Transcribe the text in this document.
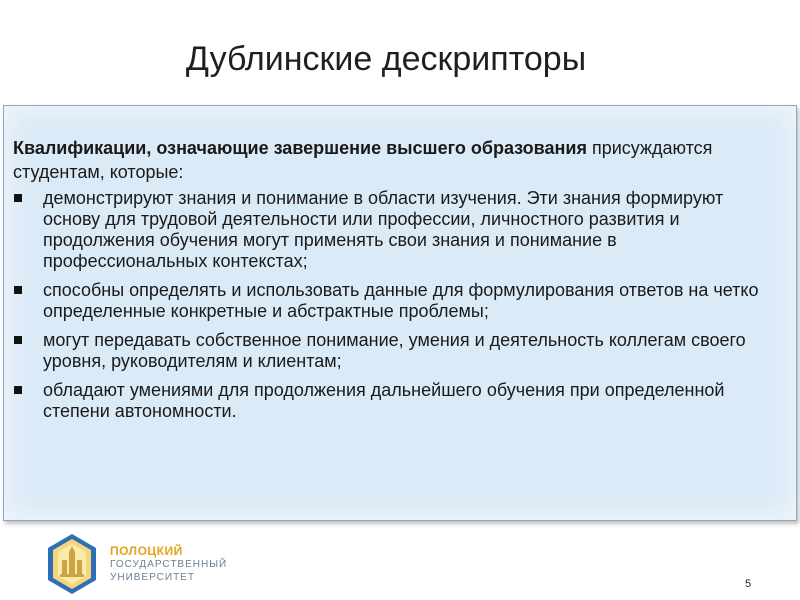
Дублинские дескрипторы

Квалификации, означающие завершение высшего образования присуждаются студентам, которые:

демонстрируют знания и понимание в области изучения. Эти знания формируют основу для трудовой деятельности или профессии, личностного развития и продолжения обучения могут применять свои знания и понимание в профессиональных контекстах;
способны определять и использовать данные для формулирования ответов на четко определенные конкретные и абстрактные проблемы;
могут передавать собственное понимание, умения и деятельность коллегам своего уровня, руководителям и клиентам;
обладают умениями для продолжения дальнейшего обучения при определенной степени автономности.
ПОЛОЦКИЙ
ГОСУДАРСТВЕННЫЙ
УНИВЕРСИТЕТ
5
